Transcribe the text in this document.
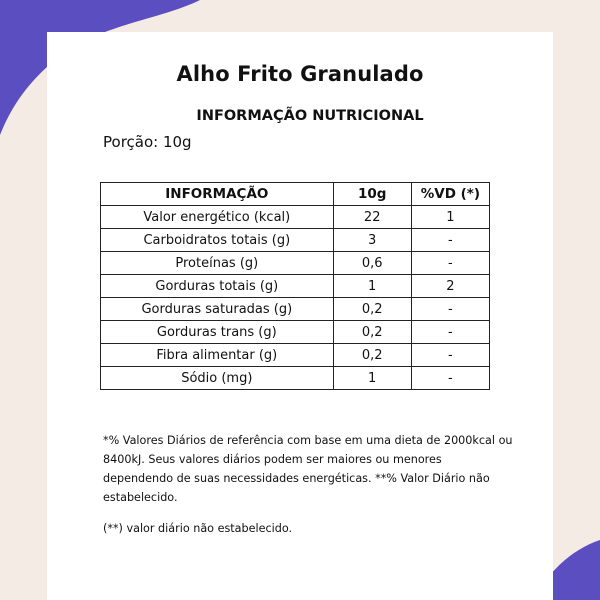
Alho Frito Granulado
INFORMAÇÃO NUTRICIONAL
Porção: 10g
INFORMAÇÃO	10g	%VD (*)
Valor energético (kcal)	22	1
Carboidratos totais (g)	3	-
Proteínas (g)	0,6	-
Gorduras totais (g)	1	2
Gorduras saturadas (g)	0,2	-
Gorduras trans (g)	0,2	-
Fibra alimentar (g)	0,2	-
Sódio (mg)	1	-
*% Valores Diários de referência com base em uma dieta de 2000kcal ou 8400kJ. Seus valores diários podem ser maiores ou menores dependendo de suas necessidades energéticas. **% Valor Diário não estabelecido.
(**) valor diário não estabelecido.
